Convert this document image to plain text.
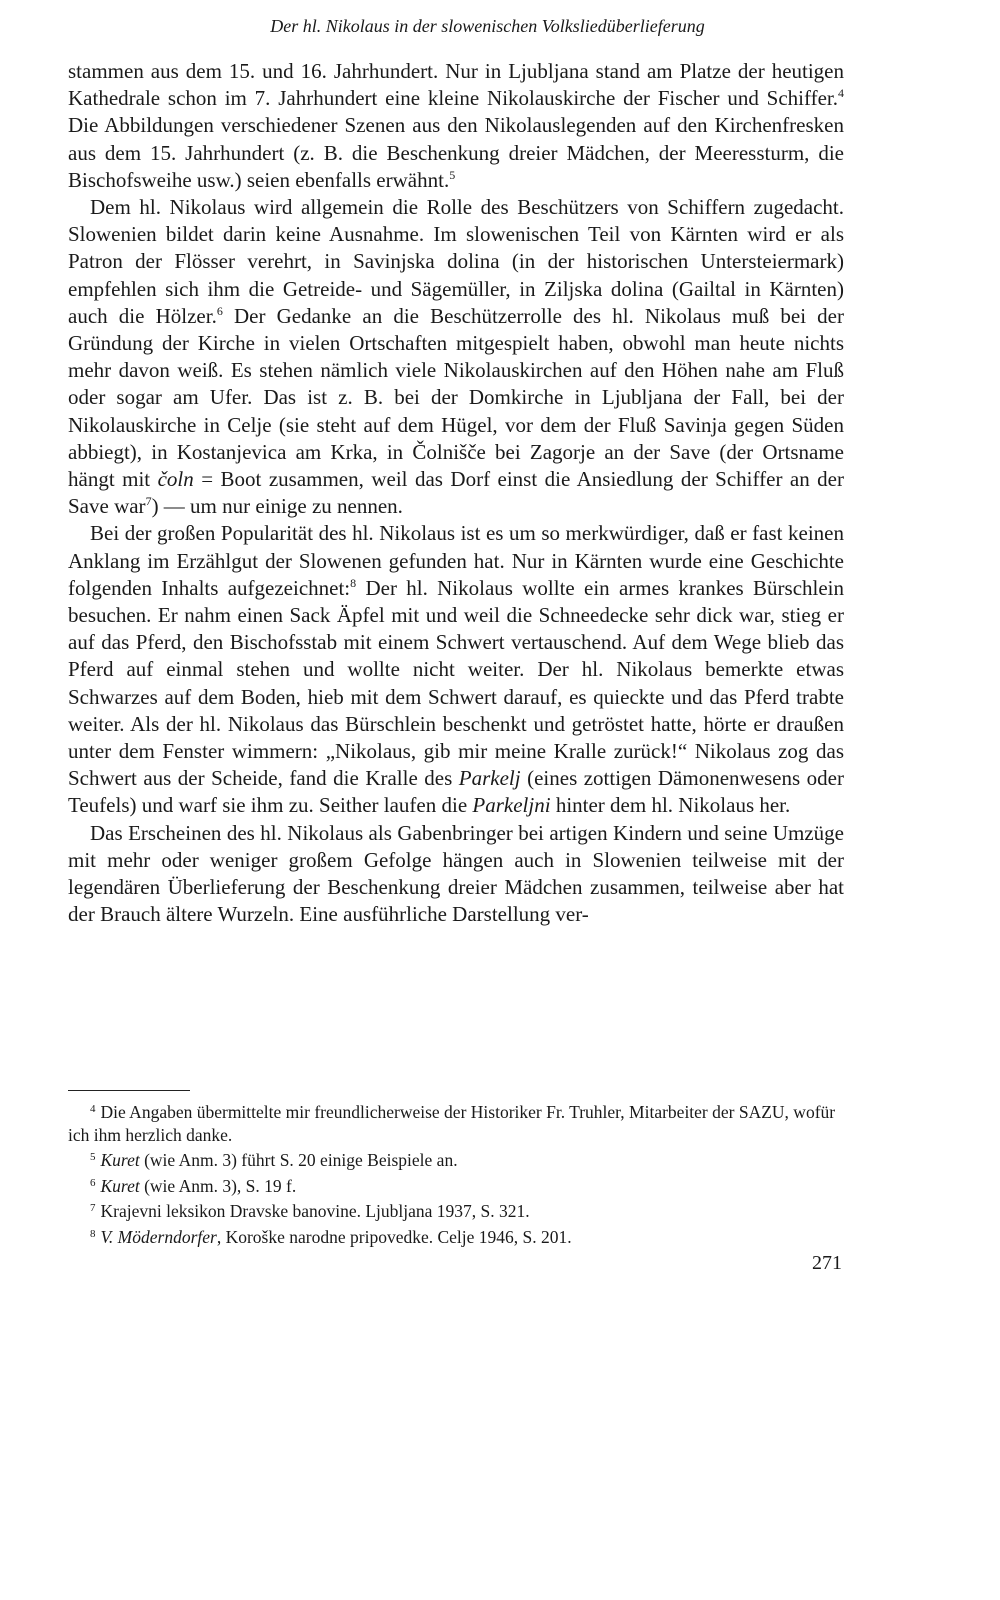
Der hl. Nikolaus in der slowenischen Volksliedüberlieferung

stammen aus dem 15. und 16. Jahrhundert. Nur in Ljubljana stand am Platze der heutigen Kathedrale schon im 7. Jahrhundert eine kleine Nikolauskirche der Fischer und Schiffer.$^4$ Die Abbildungen verschiedener Szenen aus den Nikolauslegenden auf den Kirchenfresken aus dem 15. Jahrhundert (z. B. die Beschenkung dreier Mädchen, der Meeressturm, die Bischofsweihe usw.) seien ebenfalls erwähnt.$^5$

Dem hl. Nikolaus wird allgemein die Rolle des Beschützers von Schiffern zugedacht. Slowenien bildet darin keine Ausnahme. Im slowenischen Teil von Kärnten wird er als Patron der Flösser verehrt, in Savinjska dolina (in der historischen Untersteiermark) empfehlen sich ihm die Getreide- und Sägemüller, in Ziljska dolina (Gailtal in Kärnten) auch die Hölzer.$^6$ Der Gedanke an die Beschützerrolle des hl. Nikolaus muß bei der Gründung der Kirche in vielen Ortschaften mitgespielt haben, obwohl man heute nichts mehr davon weiß. Es stehen nämlich viele Nikolauskirchen auf den Höhen nahe am Fluß oder sogar am Ufer. Das ist z. B. bei der Domkirche in Ljubljana der Fall, bei der Nikolauskirche in Celje (sie steht auf dem Hügel, vor dem der Fluß Savinja gegen Süden abbiegt), in Kostanjevica am Krka, in Čolnišče bei Zagorje an der Save (der Ortsname hängt mit čoln = Boot zusammen, weil das Dorf einst die Ansiedlung der Schiffer an der Save war$^7$) — um nur einige zu nennen.

Bei der großen Popularität des hl. Nikolaus ist es um so merkwürdiger, daß er fast keinen Anklang im Erzählgut der Slowenen gefunden hat. Nur in Kärnten wurde eine Geschichte folgenden Inhalts aufgezeichnet:$^8$ Der hl. Nikolaus wollte ein armes krankes Bürschlein besuchen. Er nahm einen Sack Äpfel mit und weil die Schneedecke sehr dick war, stieg er auf das Pferd, den Bischofsstab mit einem Schwert vertauschend. Auf dem Wege blieb das Pferd auf einmal stehen und wollte nicht weiter. Der hl. Nikolaus bemerkte etwas Schwarzes auf dem Boden, hieb mit dem Schwert darauf, es quieckte und das Pferd trabte weiter. Als der hl. Nikolaus das Bürschlein beschenkt und getröstet hatte, hörte er draußen unter dem Fenster wimmern: „Nikolaus, gib mir meine Kralle zurück!“ Nikolaus zog das Schwert aus der Scheide, fand die Kralle des Parkelj (eines zottigen Dämonenwesens oder Teufels) und warf sie ihm zu. Seither laufen die Parkeljni hinter dem hl. Nikolaus her.

Das Erscheinen des hl. Nikolaus als Gabenbringer bei artigen Kindern und seine Umzüge mit mehr oder weniger großem Gefolge hängen auch in Slowenien teilweise mit der legendären Überlieferung der Beschenkung dreier Mädchen zusammen, teilweise aber hat der Brauch ältere Wurzeln. Eine ausführliche Darstellung ver-

$^4$ Die Angaben übermittelte mir freundlicherweise der Historiker Fr. Truhler, Mitarbeiter der SAZU, wofür ich ihm herzlich danke.

$^5$ Kuret (wie Anm. 3) führt S. 20 einige Beispiele an.

$^6$ Kuret (wie Anm. 3), S. 19 f.

$^7$ Krajevni leksikon Dravske banovine. Ljubljana 1937, S. 321.

$^8$ V. Möderndorfer, Koroške narodne pripovedke. Celje 1946, S. 201.

271
